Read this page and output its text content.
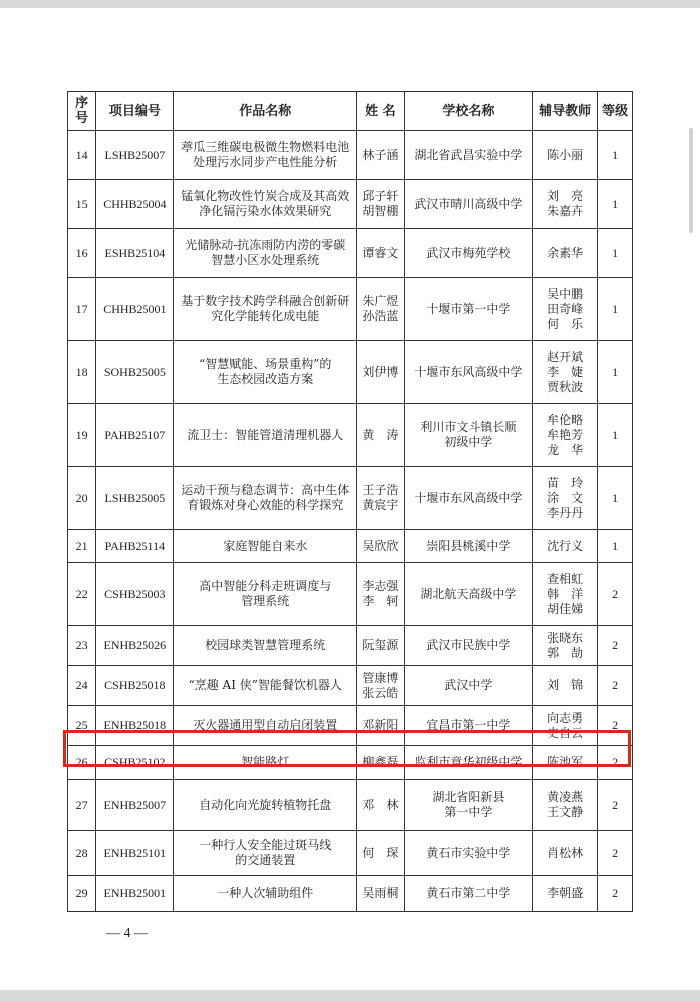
序号	项目编号	作品名称	姓 名	学校名称	辅导教师	等级

14	LSHB25007	葶瓜三维碳电极微生物燃料电池
处理污水同步产电性能分析	林子涵	湖北省武昌实验中学	陈小丽	1

15	CHHB25004	锰氧化物改性竹炭合成及其高效
净化镉污染水体效果研究	邱子轩
胡智棚	武汉市晴川高级中学	刘　亮
朱嘉卉	1

16	ESHB25104	光储脉动-抗冻雨防内涝的零碳
智慧小区水处理系统	谭睿文	武汉市梅苑学校	余素华	1

17	CHHB25001	基于数字技术跨学科融合创新研
究化学能转化成电能	朱广煜
孙浩蓝	十堰市第一中学	吴中鹏
田奇峰
何　乐	1

18	SOHB25005	“智慧赋能、场景重构”的
生态校园改造方案	刘伊博	十堰市东风高级中学	赵开斌
李　婕
贾秋波	1

19	PAHB25107	流卫士：智能管道清理机器人	黄　涛	利川市文斗镇长顺
初级中学	牟伦略
牟艳芳
龙　华	1

20	LSHB25005	运动干预与稳态调节：高中生体
育锻炼对身心效能的科学探究	王子浩
黄宸宇	十堰市东风高级中学	苗　玲
涂　文
李丹丹	1

21	PAHB25114	家庭智能自来水	吴欣欣	崇阳县桃溪中学	沈行义	1

22	CSHB25003	高中智能分科走班调度与
管理系统	李志强
李　轲	湖北航天高级中学	查相虹
韩　洋
胡佳娣	2

23	ENHB25026	校园球类智慧管理系统	阮玺源	武汉市民族中学	张晓东
郭　劼	2

24	CSHB25018	“烹趣 AI 侠”智能餐饮机器人	管康博
张云皓	武汉中学	刘　锦	2

25	ENHB25018	灭火器通用型自动启闭装置	邓新阳	宜昌市第一中学	向志勇
史自云	2

26	CSHB25102	智能路灯	柳鑫磊	监利市章华初级中学	陈池军	2

27	ENHB25007	自动化向光旋转植物托盘	邓　林	湖北省阳新县
第一中学	黄凌燕
王文静	2

28	ENHB25101	一种行人安全能过斑马线
的交通装置	何　琛	黄石市实验中学	肖松林	2

29	ENHB25001	一种人次辅助组件	吴雨桐	黄石市第二中学	李朝盛	2
— 4 —
